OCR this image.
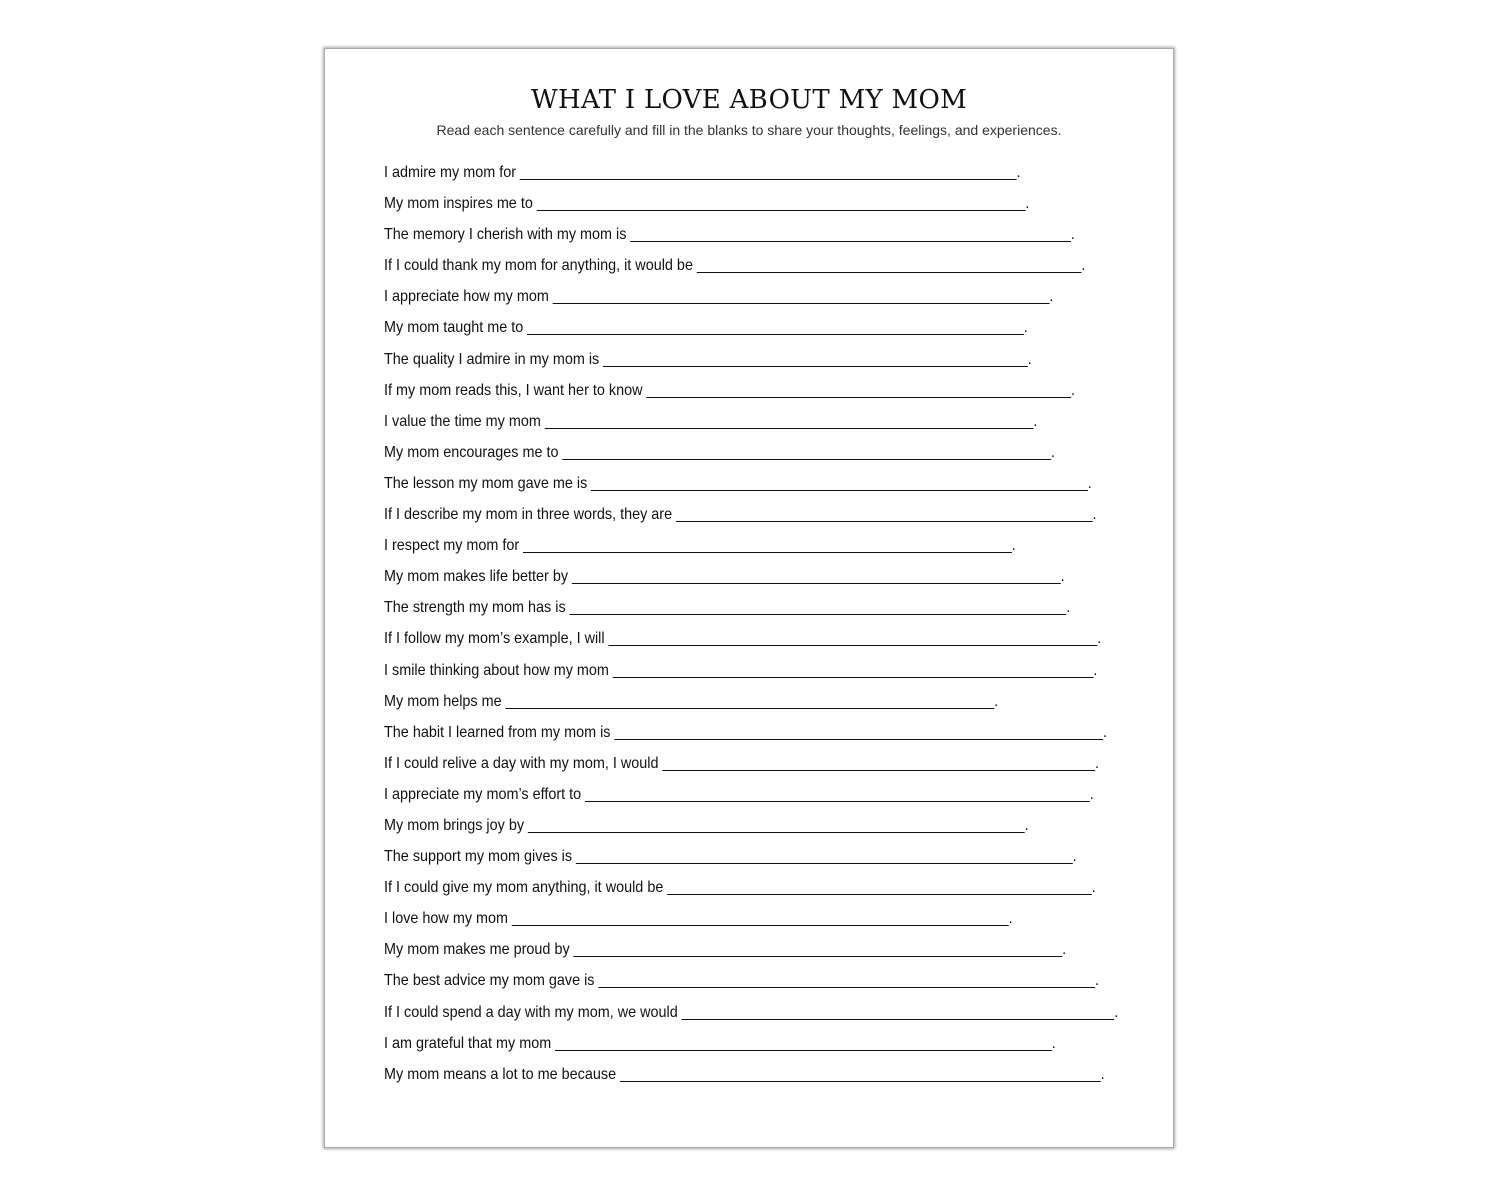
WHAT I LOVE ABOUT MY MOM
Read each sentence carefully and fill in the blanks to share your thoughts, feelings, and experiences.
I admire my mom for ______________________________________________________________.
My mom inspires me to _____________________________________________________________.
The memory I cherish with my mom is _______________________________________________________.
If I could thank my mom for anything, it would be ________________________________________________.
I appreciate how my mom ______________________________________________________________.
My mom taught me to ______________________________________________________________.
The quality I admire in my mom is _____________________________________________________.
If my mom reads this, I want her to know _____________________________________________________.
I value the time my mom _____________________________________________________________.
My mom encourages me to _____________________________________________________________.
The lesson my mom gave me is ______________________________________________________________.
If I describe my mom in three words, they are ____________________________________________________.
I respect my mom for _____________________________________________________________.
My mom makes life better by _____________________________________________________________.
The strength my mom has is ______________________________________________________________.
If I follow my mom’s example, I will _____________________________________________________________.
I smile thinking about how my mom ____________________________________________________________.
My mom helps me _____________________________________________________________.
The habit I learned from my mom is _____________________________________________________________.
If I could relive a day with my mom, I would ______________________________________________________.
I appreciate my mom’s effort to _______________________________________________________________.
My mom brings joy by ______________________________________________________________.
The support my mom gives is ______________________________________________________________.
If I could give my mom anything, it would be _____________________________________________________.
I love how my mom ______________________________________________________________.
My mom makes me proud by _____________________________________________________________.
The best advice my mom gave is ______________________________________________________________.
If I could spend a day with my mom, we would ______________________________________________________.
I am grateful that my mom ______________________________________________________________.
My mom means a lot to me because ____________________________________________________________.
